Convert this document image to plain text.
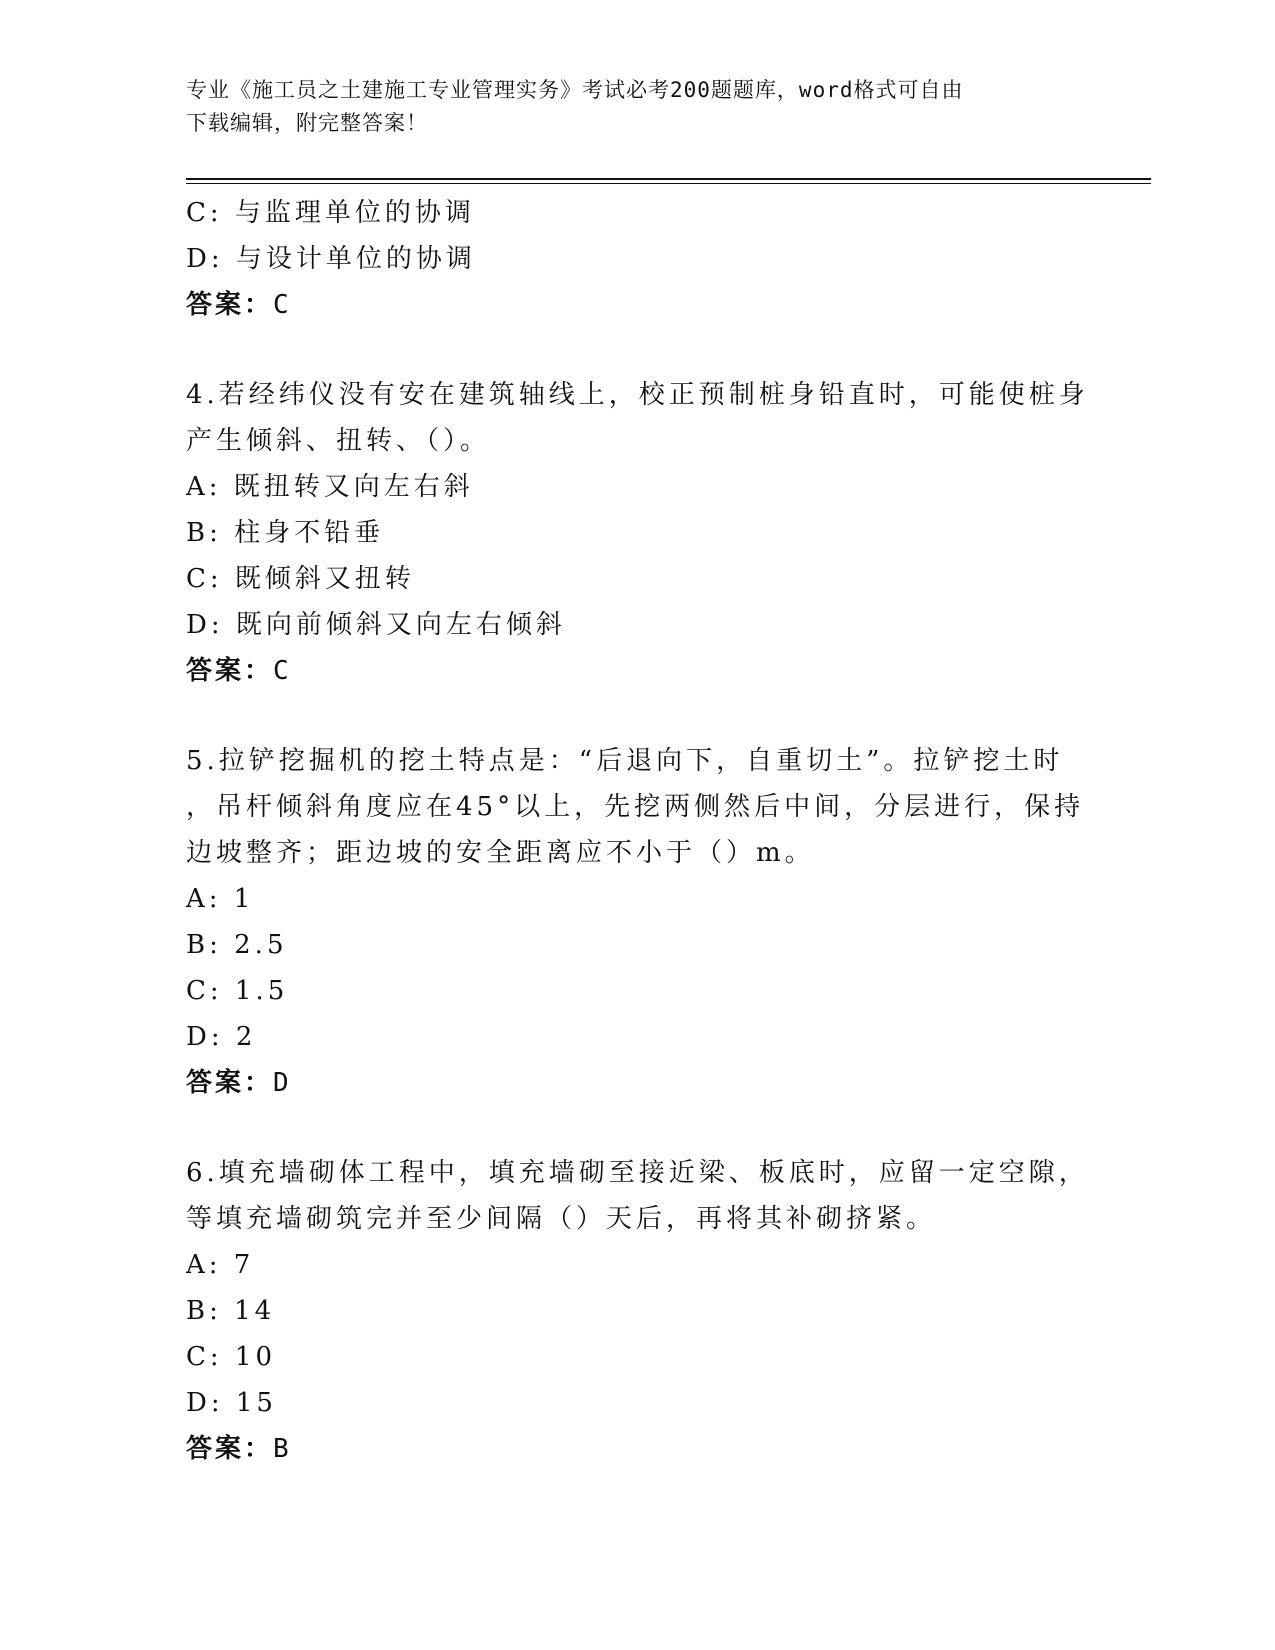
专业《施工员之土建施工专业管理实务》考试必考200题题库，word格式可自由
下载编辑，附完整答案！
C: 与监理单位的协调
D: 与设计单位的协调
答案：C
4.若经纬仪没有安在建筑轴线上，校正预制桩身铅直时，可能使桩身
产生倾斜、扭转、（）。
A: 既扭转又向左右斜
B: 柱身不铅垂
C: 既倾斜又扭转
D: 既向前倾斜又向左右倾斜
答案：C
5.拉铲挖掘机的挖土特点是：“后退向下，自重切土”。拉铲挖土时
，吊杆倾斜角度应在45°以上，先挖两侧然后中间，分层进行，保持
边坡整齐；距边坡的安全距离应不小于（）m。
A: 1
B: 2.5
C: 1.5
D: 2
答案：D
6.填充墙砌体工程中，填充墙砌至接近梁、板底时，应留一定空隙，
等填充墙砌筑完并至少间隔（）天后，再将其补砌挤紧。
A: 7
B: 14
C: 10
D: 15
答案：B
